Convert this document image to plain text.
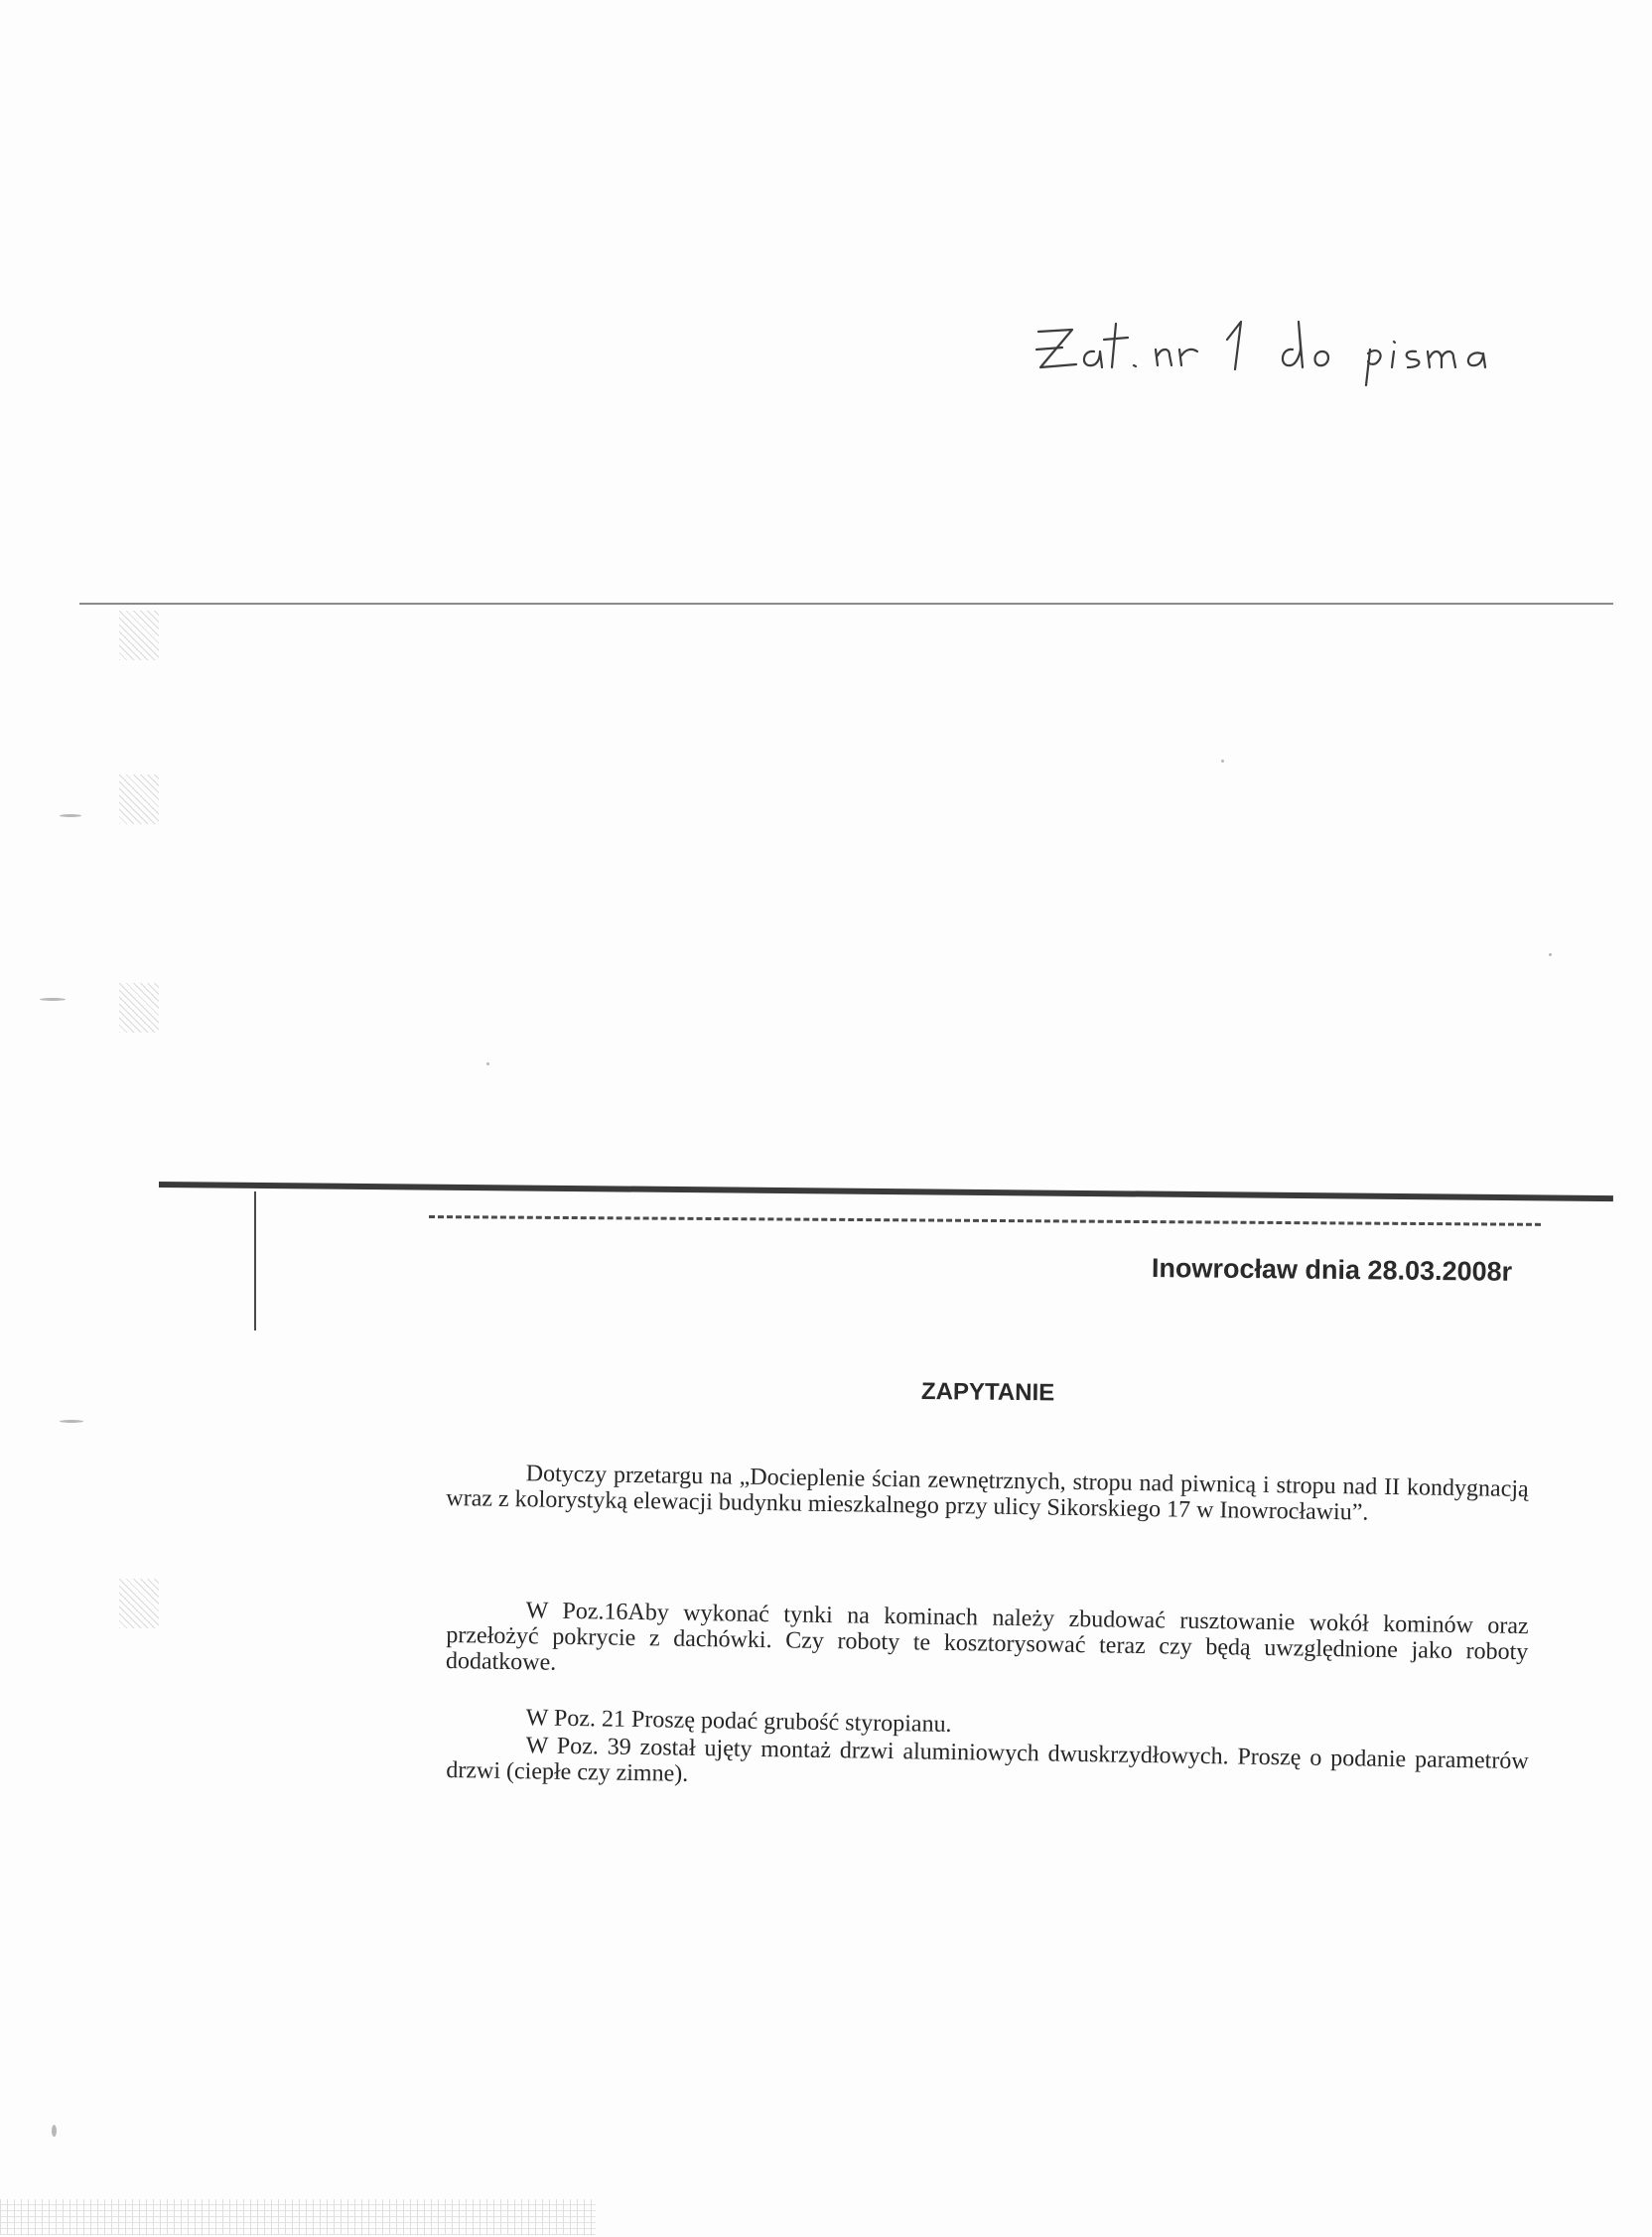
Inowrocław dnia 28.03.2008r
ZAPYTANIE

Dotyczy przetargu na „Docieplenie ścian zewnętrznych, stropu nad piwnicą i stropu nad II kondygnacją wraz z kolorystyką elewacji budynku mieszkalnego przy ulicy Sikorskiego 17 w Inowrocławiu”.

W Poz.16Aby wykonać tynki na kominach należy zbudować rusztowanie wokół kominów oraz przełożyć pokrycie z dachówki. Czy roboty te kosztorysować teraz czy będą uwzględnione jako roboty dodatkowe.

W Poz. 21 Proszę podać grubość styropianu.

W Poz. 39 został ujęty montaż drzwi aluminiowych dwuskrzydłowych. Proszę o podanie parametrów drzwi (ciepłe czy zimne).
